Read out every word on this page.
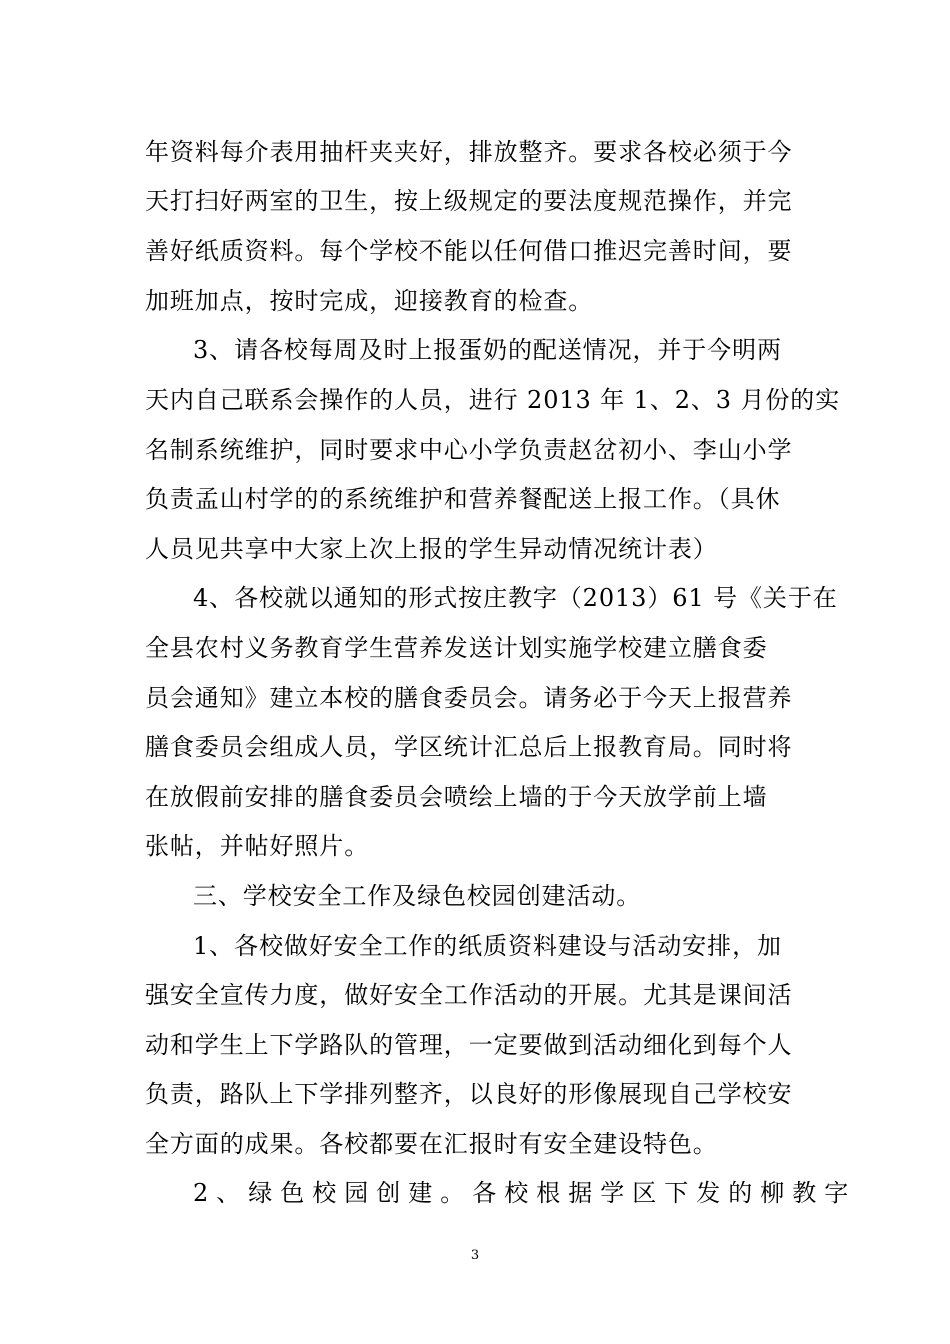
年资料每介表用抽杆夹夹好，排放整齐。要求各校必须于今
天打扫好两室的卫生，按上级规定的要法度规范操作，并完
善好纸质资料。每个学校不能以任何借口推迟完善时间，要
加班加点，按时完成，迎接教育的检查。
3、请各校每周及时上报蛋奶的配送情况，并于今明两
天内自己联系会操作的人员，进行 2013 年 1、2、3 月份的实
名制系统维护，同时要求中心小学负责赵岔初小、李山小学
负责孟山村学的的系统维护和营养餐配送上报工作。（具休
人员见共享中大家上次上报的学生异动情况统计表）
4、各校就以通知的形式按庄教字（2013）61 号《关于在
全县农村义务教育学生营养发送计划实施学校建立膳食委
员会通知》建立本校的膳食委员会。请务必于今天上报营养
膳食委员会组成人员，学区统计汇总后上报教育局。同时将
在放假前安排的膳食委员会喷绘上墙的于今天放学前上墙
张帖，并帖好照片。
三、学校安全工作及绿色校园创建活动。
1、各校做好安全工作的纸质资料建设与活动安排，加
强安全宣传力度，做好安全工作活动的开展。尤其是课间活
动和学生上下学路队的管理，一定要做到活动细化到每个人
负责，路队上下学排列整齐，以良好的形像展现自己学校安
全方面的成果。各校都要在汇报时有安全建设特色。
2、绿色校园创建。各校根据学区下发的柳教字
3
